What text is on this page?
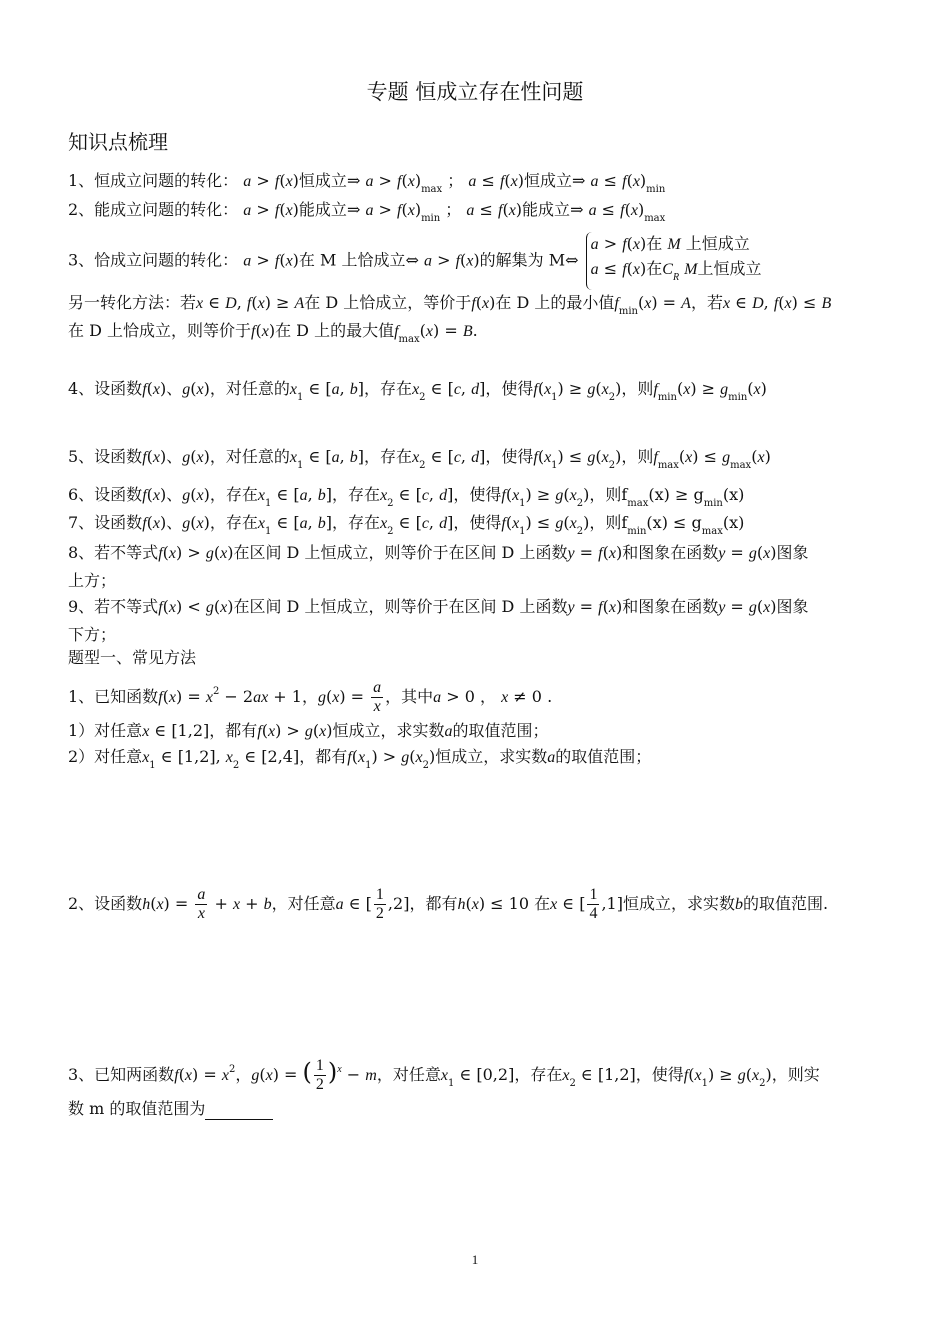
专题 恒成立存在性问题
知识点梳理
1、恒成立问题的转化： a > f(x)恒成立⇒ $a > f(x)_{max}$ ； a ≤ f(x)恒成立⇒ $a \le f(x)_{min}$
2、能成立问题的转化： a > f(x)能成立⇒ $a > f(x)_{min}$ ； a ≤ f(x)能成立⇒ $a \le f(x)_{max}$
3、恰成立问题的转化： a > f(x)在 M 上恰成立⇔ a > f(x)的解集为 M⇔ a > f(x)在 M 上恒成立
a ≤ f(x)在$C_R$ M上恒成立
另一转化方法：若x ∈ D, f(x) ≥ A在 D 上恰成立，等价于f(x)在 D 上的最小值$f_{min}(x) = A$，若x ∈ D, f(x) ≤ B
在 D 上恰成立，则等价于f(x)在 D 上的最大值$f_{max}(x) = B$.
4、设函数f(x)、g(x)，对任意的$x_1$ ∈ [a, b]，存在$x_2$ ∈ [c, d]，使得$f(x_1) \ge g(x_2)$，则$f_{min}(x) \ge g_{min}(x)$
5、设函数f(x)、g(x)，对任意的$x_1$ ∈ [a, b]，存在$x_2$ ∈ [c, d]，使得$f(x_1) \le g(x_2)$，则$f_{max}(x) \le g_{max}(x)$
6、设函数f(x)、g(x)，存在$x_1$ ∈ [a, b]，存在$x_2$ ∈ [c, d]，使得$f(x_1) \ge g(x_2)$，则$f_{max}(x) \ge g_{min}(x)$
7、设函数f(x)、g(x)，存在$x_1$ ∈ [a, b]，存在$x_2$ ∈ [c, d]，使得$f(x_1) \le g(x_2)$，则$f_{min}(x) \le g_{max}(x)$
8、若不等式f(x) > g(x)在区间 D 上恒成立，则等价于在区间 D 上函数y = f(x)和图象在函数y = g(x)图象
上方；
9、若不等式f(x) < g(x)在区间 D 上恒成立，则等价于在区间 D 上函数y = f(x)和图象在函数y = g(x)图象
下方；
题型一、常见方法
1、已知函数$f(x) = x^2 - 2ax + 1$，$g(x) = \frac{a}{x}$ ，其中a > 0 ， x ≠ 0 .
1）对任意x ∈ [1,2]，都有f(x) > g(x)恒成立，求实数a的取值范围；
2）对任意$x_1$ ∈ [1,2], $x_2$ ∈ [2,4]，都有$f(x_1) > g(x_2)$恒成立，求实数a的取值范围；
2、设函数$h(x) = \frac{a}{x} + x + b$，对任意a ∈ [ $\frac{1}{2} ,2$]，都有h(x) ≤ 10 在x ∈ [ $\frac{1}{4} ,1$]恒成立，求实数b的取值范围.
3、已知两函数$f(x) = x^2$，g(x) = ( $\frac{1}{2} )^x - m$，对任意$x_1$ ∈ [0,2]，存在$x_2$ ∈ [1,2]，使得$f(x_1) \ge g(x_2)$，则实
数 m 的取值范围为
1
